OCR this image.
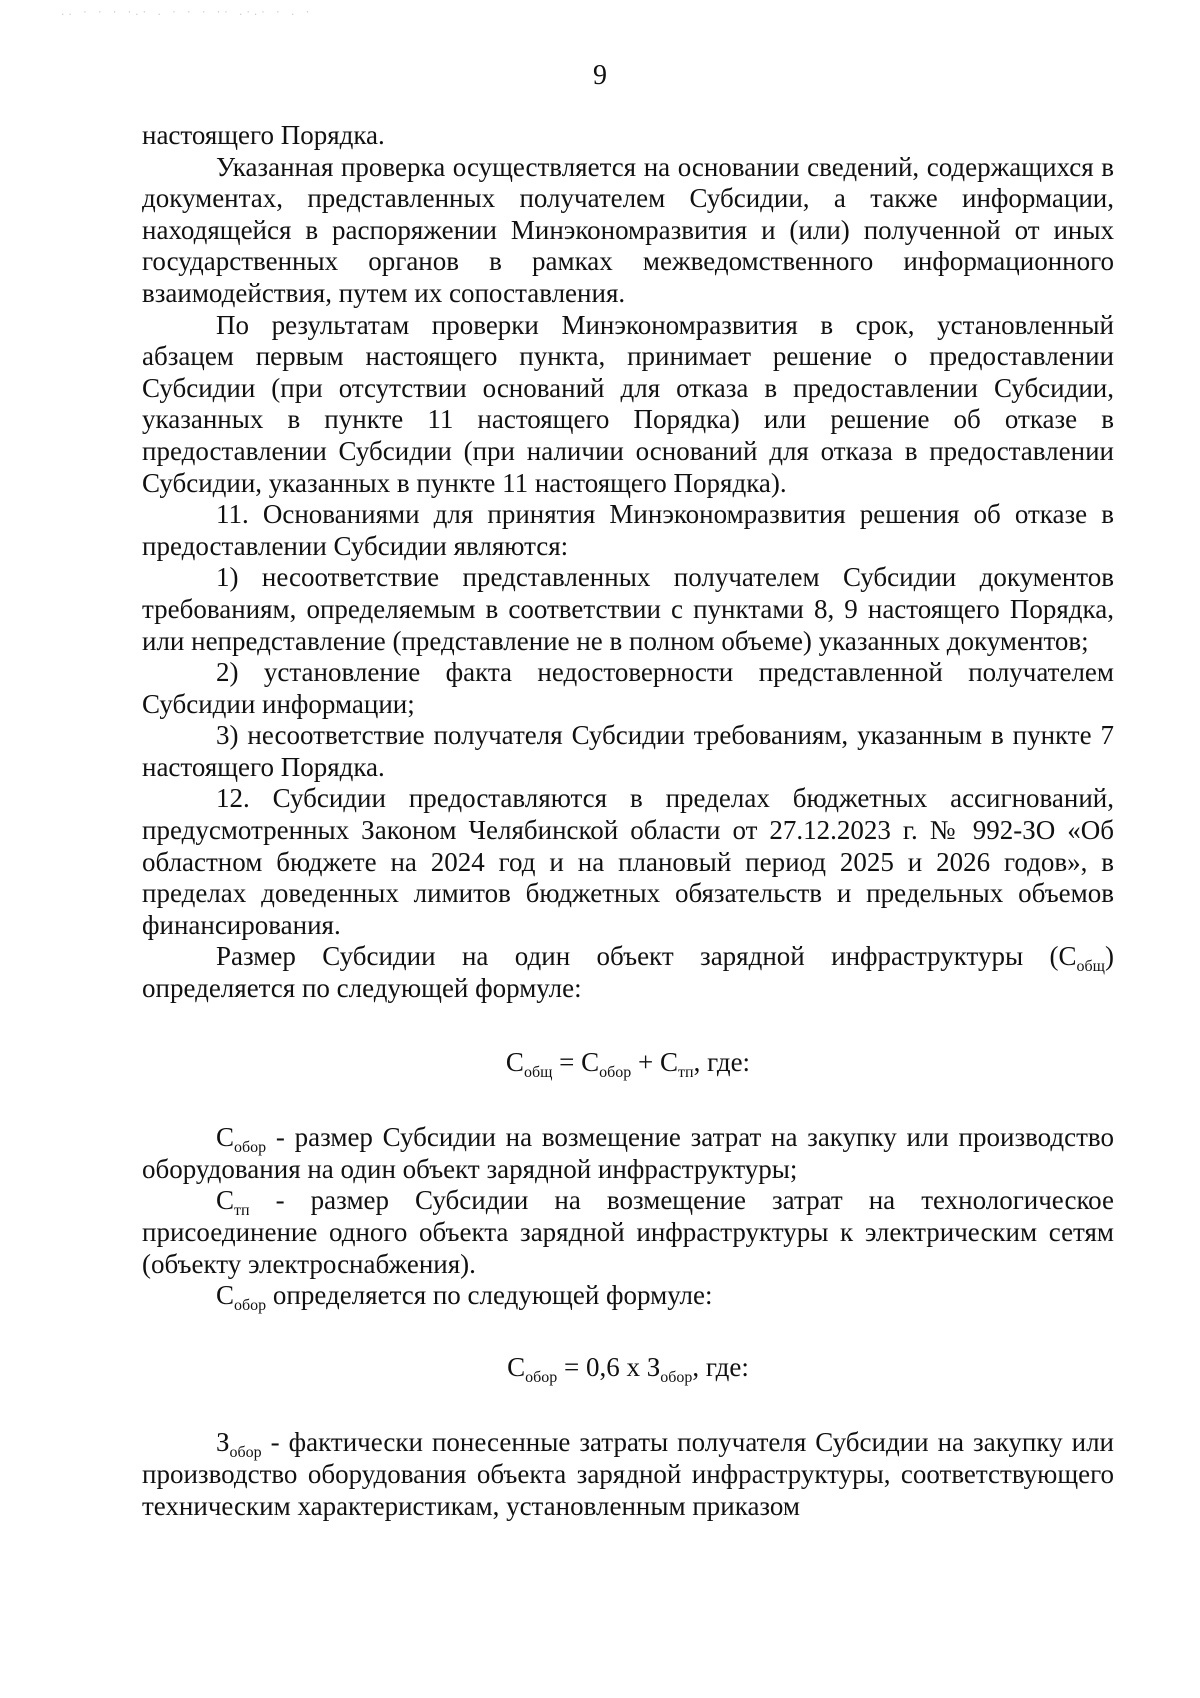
.. · · · ·.· . · · · ·· .·.· · . ·
9

настоящего Порядка.

Указанная проверка осуществляется на основании сведений, содержащихся в документах, представленных получателем Субсидии, а также информации, находящейся в распоряжении Минэкономразвития и (или) полученной от иных государственных органов в рамках межведомственного информационного взаимодействия, путем их сопоставления.

По результатам проверки Минэкономразвития в срок, установленный абзацем первым настоящего пункта, принимает решение о предоставлении Субсидии (при отсутствии оснований для отказа в предоставлении Субсидии, указанных в пункте 11 настоящего Порядка) или решение об отказе в предоставлении Субсидии (при наличии оснований для отказа в предоставлении Субсидии, указанных в пункте 11 настоящего Порядка).

11. Основаниями для принятия Минэкономразвития решения об отказе в предоставлении Субсидии являются:

1) несоответствие представленных получателем Субсидии документов требованиям, определяемым в соответствии с пунктами 8, 9 настоящего Порядка, или непредставление (представление не в полном объеме) указанных документов;

2) установление факта недостоверности представленной получателем Субсидии информации;

3) несоответствие получателя Субсидии требованиям, указанным в пункте 7 настоящего Порядка.

12. Субсидии предоставляются в пределах бюджетных ассигнований, предусмотренных Законом Челябинской области от 27.12.2023 г. № 992-ЗО «Об областном бюджете на 2024 год и на плановый период 2025 и 2026 годов», в пределах доведенных лимитов бюджетных обязательств и предельных объемов финансирования.

Размер Субсидии на один объект зарядной инфраструктуры $(С_{общ})$ определяется по следующей формуле:

$С_{общ} = С_{обор} + С_{тп}$, где:

$С_{обор}$ - размер Субсидии на возмещение затрат на закупку или производство оборудования на один объект зарядной инфраструктуры;

$С_{тп}$ - размер Субсидии на возмещение затрат на технологическое присоединение одного объекта зарядной инфраструктуры к электрическим сетям (объекту электроснабжения).

$С_{обор}$ определяется по следующей формуле:

$С_{обор} = 0,6$ х $З_{обор}$, где:

$З_{обор}$ - фактически понесенные затраты получателя Субсидии на закупку или производство оборудования объекта зарядной инфраструктуры, соответствующего техническим характеристикам, установленным приказом
